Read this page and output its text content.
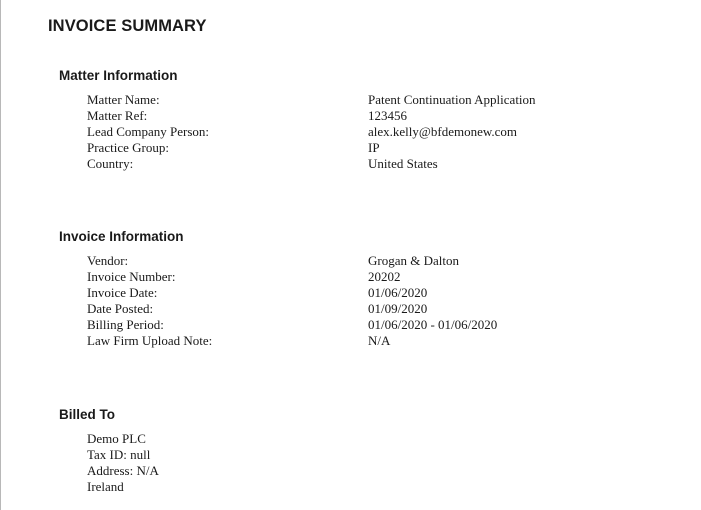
INVOICE SUMMARY
Matter Information
Matter Name:	Patent Continuation Application
Matter Ref:	123456
Lead Company Person:	alex.kelly@bfdemonew.com
Practice Group:	IP
Country:	United States
Invoice Information
Vendor:	Grogan & Dalton
Invoice Number:	20202
Invoice Date:	01/06/2020
Date Posted:	01/09/2020
Billing Period:	01/06/2020 - 01/06/2020
Law Firm Upload Note:	N/A
Billed To
Demo PLC
Tax ID: null
Address: N/A
Ireland
